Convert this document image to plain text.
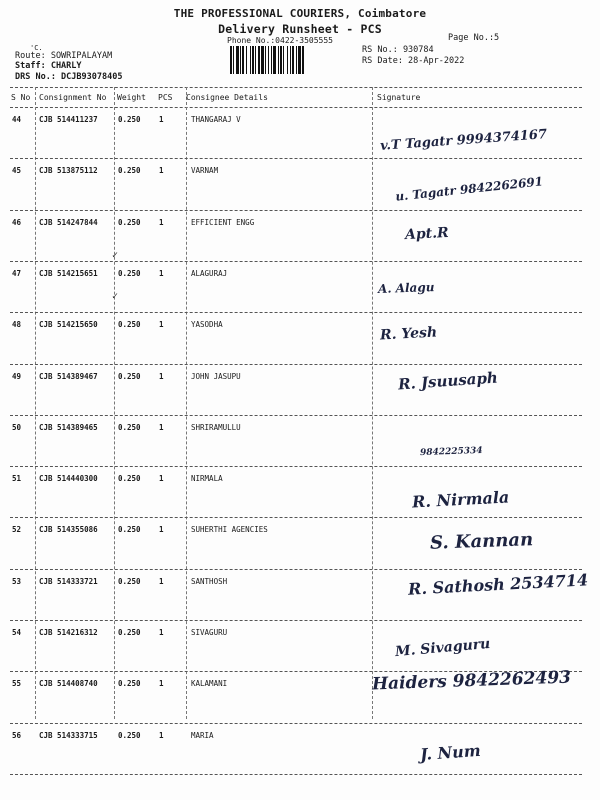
THE PROFESSIONAL COURIERS, Coimbatore
Delivery Runsheet - PCS
Phone No.:0422-3505555	Page No.:5
'C.
Route: SOWRIPALAYAM
Staff: CHARLY
DRS No.: DCJB93078405
RS No.: 930784
RS Date: 28-Apr-2022
S No Consignment No Weight PCS Consignee Details	Signature
44 CJB 514411237	0.250 1	THANGARAJ V
v.T Tagatr 9994374167
45 CJB 513875112	0.250 1	VARNAM
u. Tagatr 9842262691
46 CJB 514247844	0.250 1	EFFICIENT ENGG
Apt.R
47 CJB 514215651	0.250 1	ALAGURAJ
A. Alagu
48 CJB 514215650	0.250 1	YASODHA
R. Yesh
49 CJB 514389467	0.250 1	JOHN JASUPU	R. Jsuusaph
50 CJB 514389465	0.250 1	SHRIRAMULLU
9842225334
51 CJB 514440300	0.250 1	NIRMALA
R. Nirmala
52 CJB 514355086	0.250 1	SUHERTHI AGENCIES	S. Kannan
53 CJB 514333721	0.250 1	SANTHOSH	R. Sathosh 2534714
54 CJB 514216312	0.250 1	SIVAGURU
M. Sivaguru
55 CJB 514408740	0.250 1	KALAMANI	Haiders 9842262493
56 CJB 514333715	0.250 1	MARIA
J. Num
✓
✓
